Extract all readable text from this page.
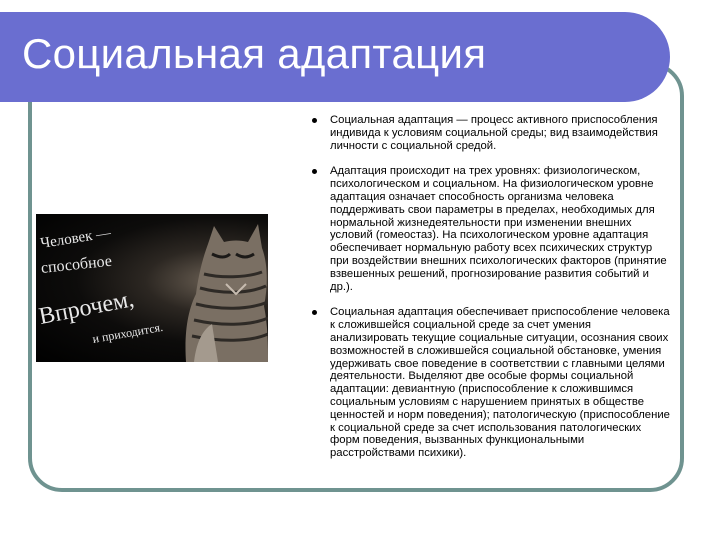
Социальная адаптация
Человек —
способное
Впрочем,
и приходится.
Социальная адаптация — процесс активного приспособления индивида к условиям социальной среды; вид взаимодействия личности с социальной средой.
Адаптация происходит на трех уровнях: физиологическом, психологическом и социальном. На физиологическом уровне адаптация означает способность организма человека поддерживать свои параметры в пределах, необходимых для нормальной жизнедеятельности при изменении внешних условий (гомеостаз). На психологическом уровне адаптация обеспечивает нормальную работу всех психических структур при воздействии внешних психологических факторов (принятие взвешенных решений, прогнозирование развития событий и др.).
Социальная адаптация обеспечивает приспособление человека к сложившейся социальной среде за счет умения анализировать текущие социальные ситуации, осознания своих возможностей в сложившейся социальной обстановке, умения удерживать свое поведение в соответствии с главными целями деятельности. Выделяют две особые формы социальной адаптации: девиантную (приспособление к сложившимся социальным условиям с нарушением принятых в обществе ценностей и норм поведения); патологическую (приспособление к социальной среде за счет использования патологических форм поведения, вызванных функциональными расстройствами психики).
